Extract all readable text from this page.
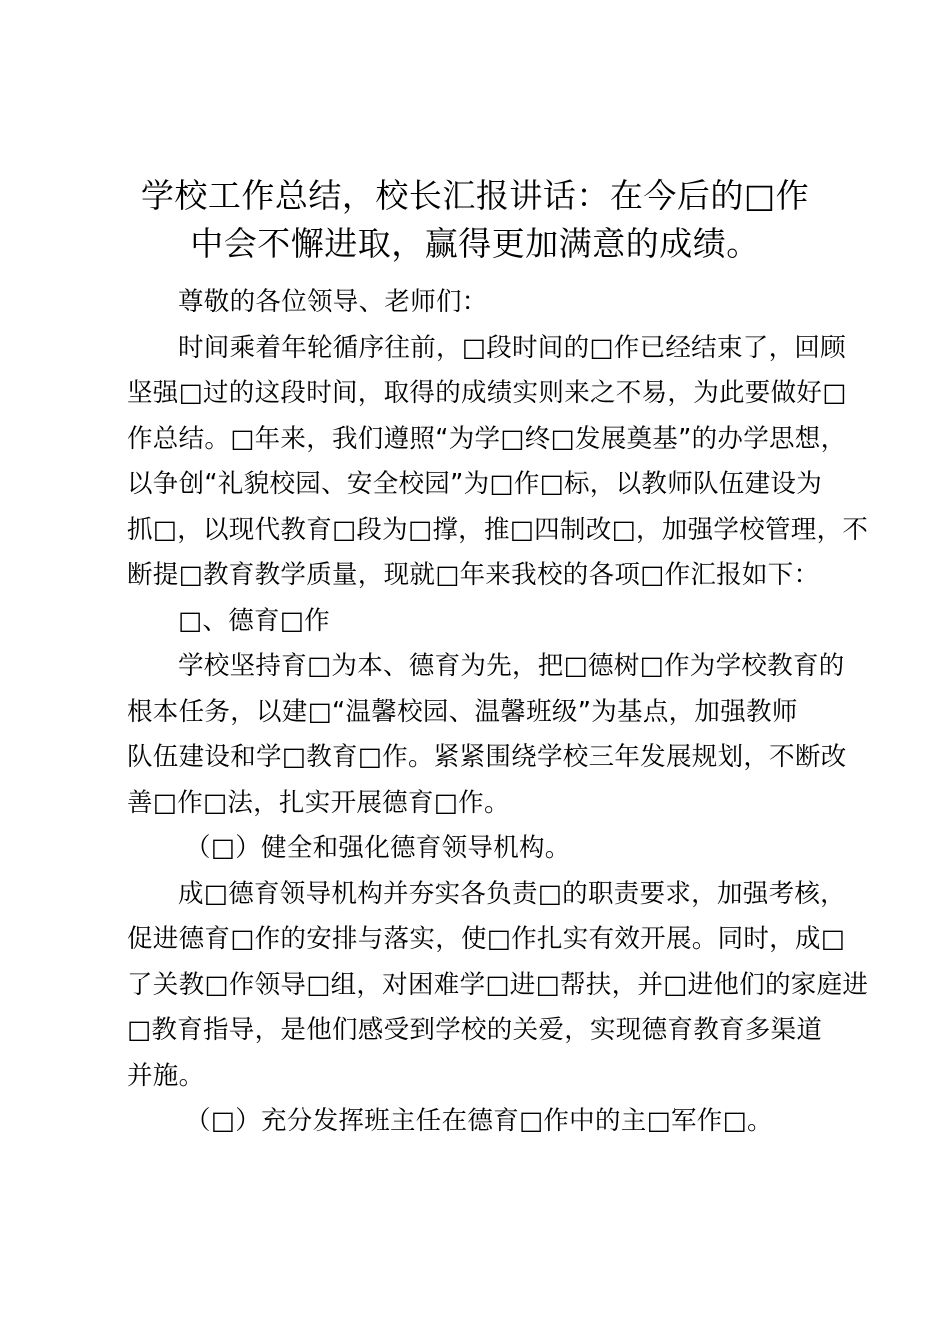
学校工作总结，校长汇报讲话：在今后的□作
中会不懈进取，赢得更加满意的成绩。
尊敬的各位领导、老师们：
时间乘着年轮循序往前，□段时间的□作已经结束了，回顾
坚强□过的这段时间，取得的成绩实则来之不易，为此要做好□
作总结。□年来，我们遵照“为学□终□发展奠基”的办学思想，
以争创“礼貌校园、安全校园”为□作□标，以教师队伍建设为
抓□，以现代教育□段为□撑，推□四制改□，加强学校管理，不
断提□教育教学质量，现就□年来我校的各项□作汇报如下：
□、德育□作
学校坚持育□为本、德育为先，把□德树□作为学校教育的
根本任务，以建□“温馨校园、温馨班级”为基点，加强教师
队伍建设和学□教育□作。紧紧围绕学校三年发展规划，不断改
善□作□法，扎实开展德育□作。
（□）健全和强化德育领导机构。
成□德育领导机构并夯实各负责□的职责要求，加强考核，
促进德育□作的安排与落实，使□作扎实有效开展。同时，成□
了关教□作领导□组，对困难学□进□帮扶，并□进他们的家庭进
□教育指导，是他们感受到学校的关爱，实现德育教育多渠道
并施。
（□）充分发挥班主任在德育□作中的主□军作□。
